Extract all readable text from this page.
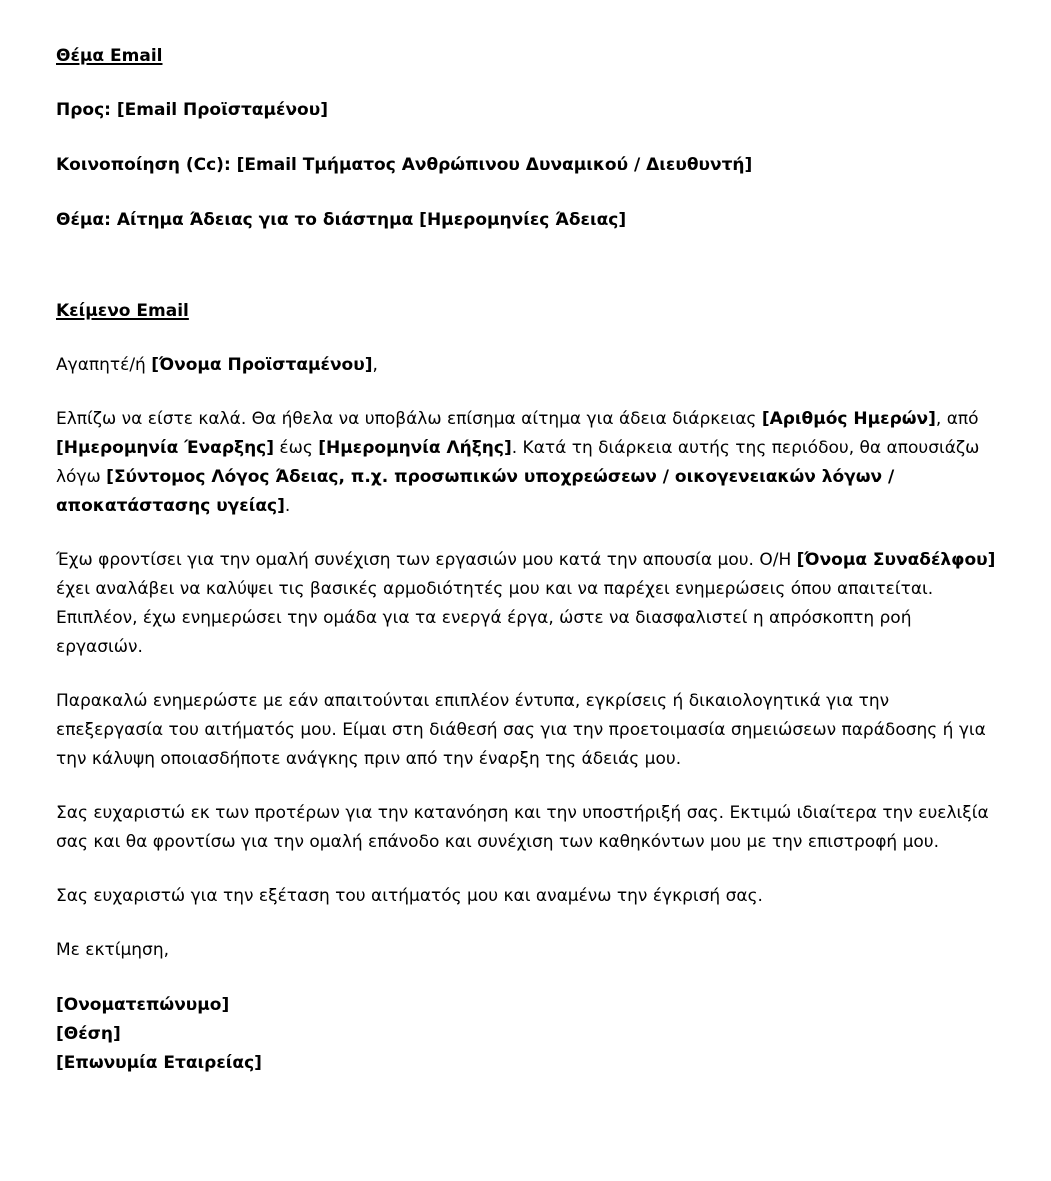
Θέμα Email

Προς: [Email Προϊσταμένου]

Κοινοποίηση (Cc): [Email Τμήματος Ανθρώπινου Δυναμικού / Διευθυντή]

Θέμα: Αίτημα Άδειας για το διάστημα [Ημερομηνίες Άδειας]

Κείμενο Email

Αγαπητέ/ή [Όνομα Προϊσταμένου],

Ελπίζω να είστε καλά. Θα ήθελα να υποβάλω επίσημα αίτημα για άδεια διάρκειας [Αριθμός Ημερών], από [Ημερομηνία Έναρξης] έως [Ημερομηνία Λήξης]. Κατά τη διάρκεια αυτής της περιόδου, θα απουσιάζω λόγω [Σύντομος Λόγος Άδειας, π.χ. προσωπικών υποχρεώσεων / οικογενειακών λόγων / αποκατάστασης υγείας].

Έχω φροντίσει για την ομαλή συνέχιση των εργασιών μου κατά την απουσία μου. Ο/Η [Όνομα Συναδέλφου] έχει αναλάβει να καλύψει τις βασικές αρμοδιότητές μου και να παρέχει ενημερώσεις όπου απαιτείται. Επιπλέον, έχω ενημερώσει την ομάδα για τα ενεργά έργα, ώστε να διασφαλιστεί η απρόσκοπτη ροή εργασιών.

Παρακαλώ ενημερώστε με εάν απαιτούνται επιπλέον έντυπα, εγκρίσεις ή δικαιολογητικά για την επεξεργασία του αιτήματός μου. Είμαι στη διάθεσή σας για την προετοιμασία σημειώσεων παράδοσης ή για την κάλυψη οποιασδήποτε ανάγκης πριν από την έναρξη της άδειάς μου.

Σας ευχαριστώ εκ των προτέρων για την κατανόηση και την υποστήριξή σας. Εκτιμώ ιδιαίτερα την ευελιξία σας και θα φροντίσω για την ομαλή επάνοδο και συνέχιση των καθηκόντων μου με την επιστροφή μου.

Σας ευχαριστώ για την εξέταση του αιτήματός μου και αναμένω την έγκρισή σας.

Με εκτίμηση,

[Ονοματεπώνυμο]
[Θέση]
[Επωνυμία Εταιρείας]
